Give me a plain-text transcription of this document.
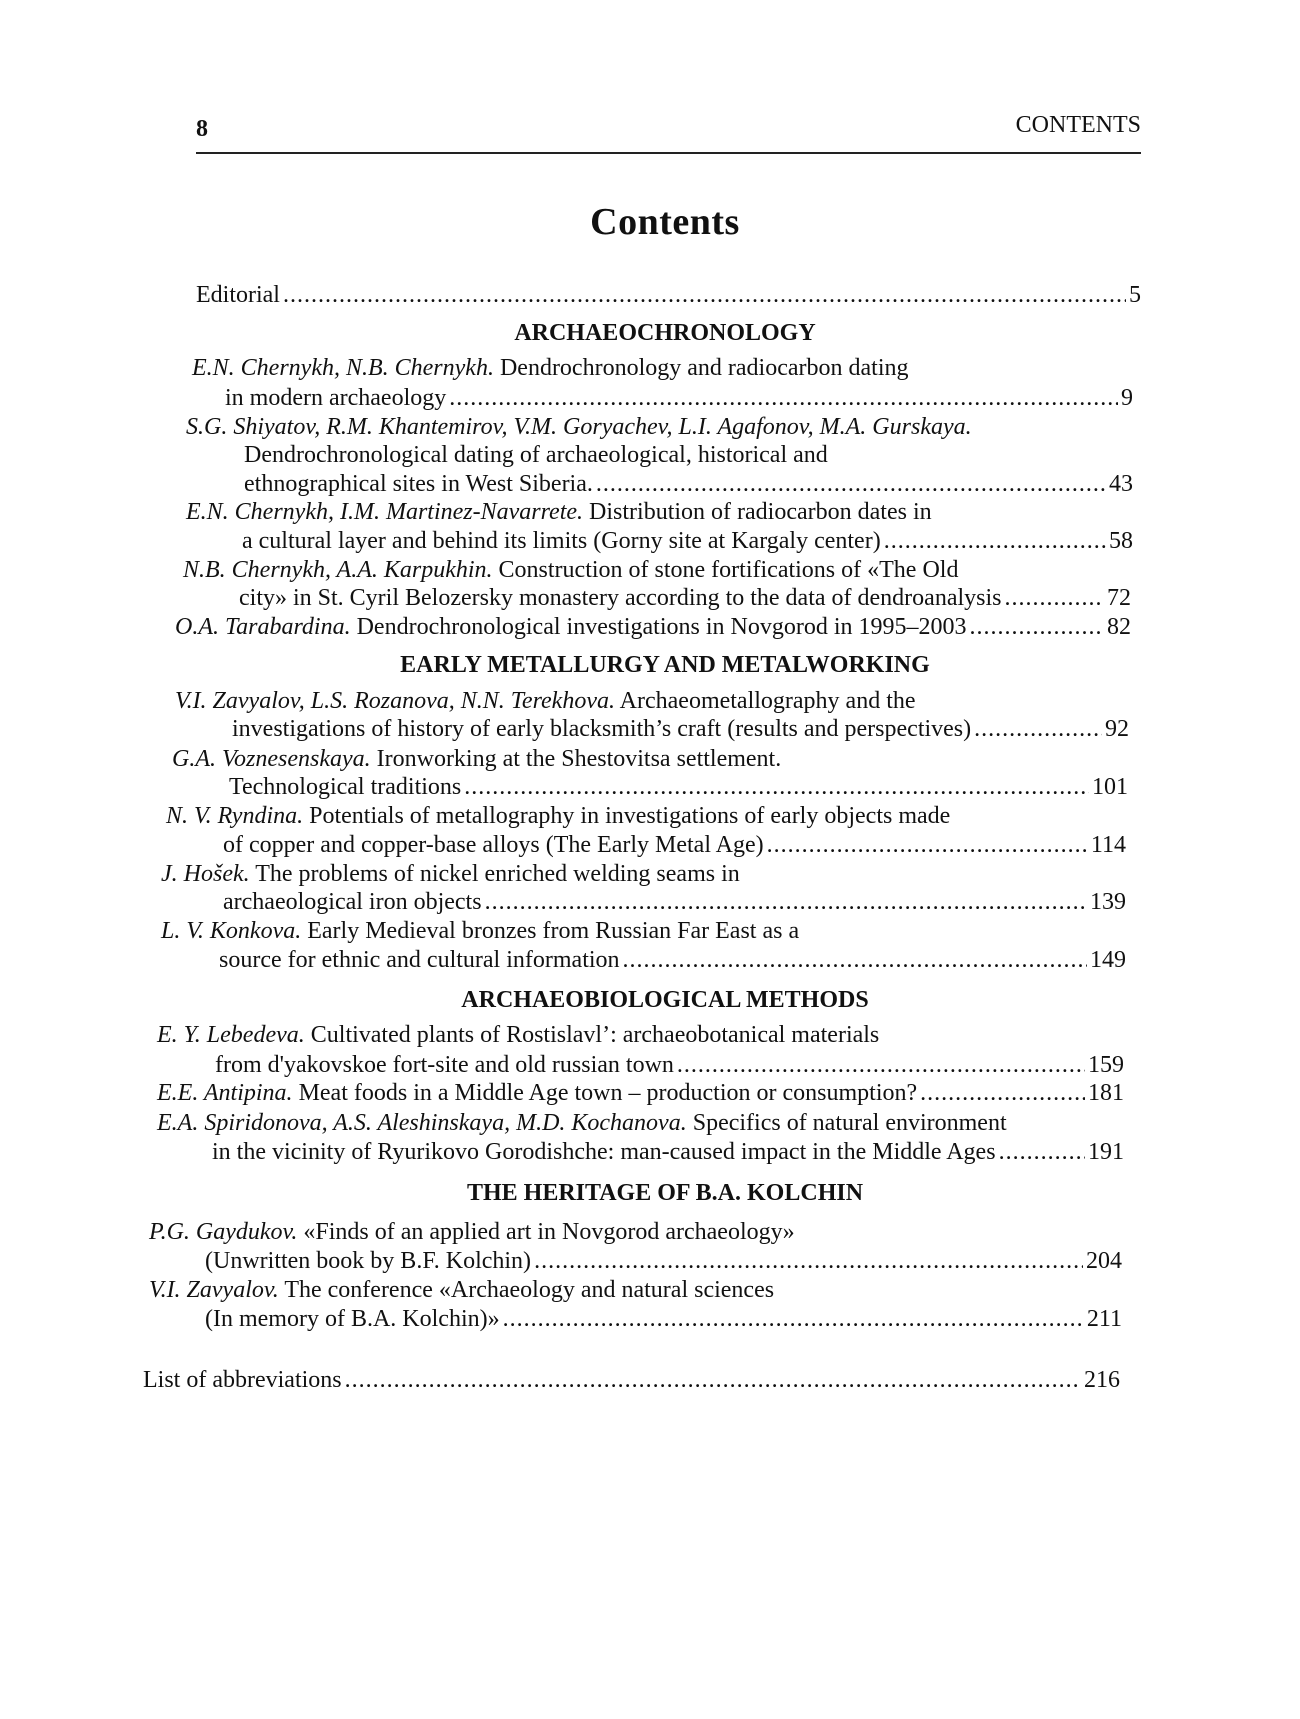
8	CONTENTS
Contents
Editorial .....	5
ARCHAEOCHRONOLOGY
E.N. Chernykh, N.B. Chernykh. Dendrochronology and radiocarbon dating
in modern archaeology .....	9
S.G. Shiyatov, R.M. Khantemirov, V.M. Goryachev, L.I. Agafonov, M.A. Gurskaya.
Dendrochronological dating of archaeological, historical and
ethnographical sites in West Siberia. .....	43
E.N. Chernykh, I.M. Martinez-Navarrete. Distribution of radiocarbon dates in
a cultural layer and behind its limits (Gorny site at Kargaly center) .....	58
N.B. Chernykh, A.A. Karpukhin. Construction of stone fortifications of «The Old
city» in St. Cyril Belozersky monastery according to the data of dendroanalysis .....	72
O.A. Tarabardina. Dendrochronological investigations in Novgorod in 1995–2003 .....	82
EARLY METALLURGY AND METALWORKING
V.I. Zavyalov, L.S. Rozanova, N.N. Terekhova. Archaeometallography and the
investigations of history of early blacksmith’s craft (results and perspectives) .....	92
G.A. Voznesenskaya. Ironworking at the Shestovitsa settlement.
Technological traditions .....	101
N. V. Ryndina. Potentials of metallography in investigations of early objects made
of copper and copper-base alloys (The Early Metal Age) .....	114
J. Hošek. The problems of nickel enriched welding seams in
archaeological iron objects .....	139
L. V. Konkova. Early Medieval bronzes from Russian Far East as a
source for ethnic and cultural information .....	149
ARCHAEOBIOLOGICAL METHODS
E. Y. Lebedeva. Cultivated plants of Rostislavl’: archaeobotanical materials
from d'yakovskoe fort-site and old russian town .....	159
E.E. Antipina. Meat foods in a Middle Age town – production or consumption? .....	181
E.A. Spiridonova, A.S. Aleshinskaya, M.D. Kochanova. Specifics of natural environment
in the vicinity of Ryurikovo Gorodishche: man-caused impact in the Middle Ages .....	191
THE HERITAGE OF B.A. KOLCHIN
P.G. Gaydukov. «Finds of an applied art in Novgorod archaeology»
(Unwritten book by B.F. Kolchin) .....	204
V.I. Zavyalov. The conference «Archaeology and natural sciences
(In memory of B.A. Kolchin)» .....	211
List of abbreviations .....	216
